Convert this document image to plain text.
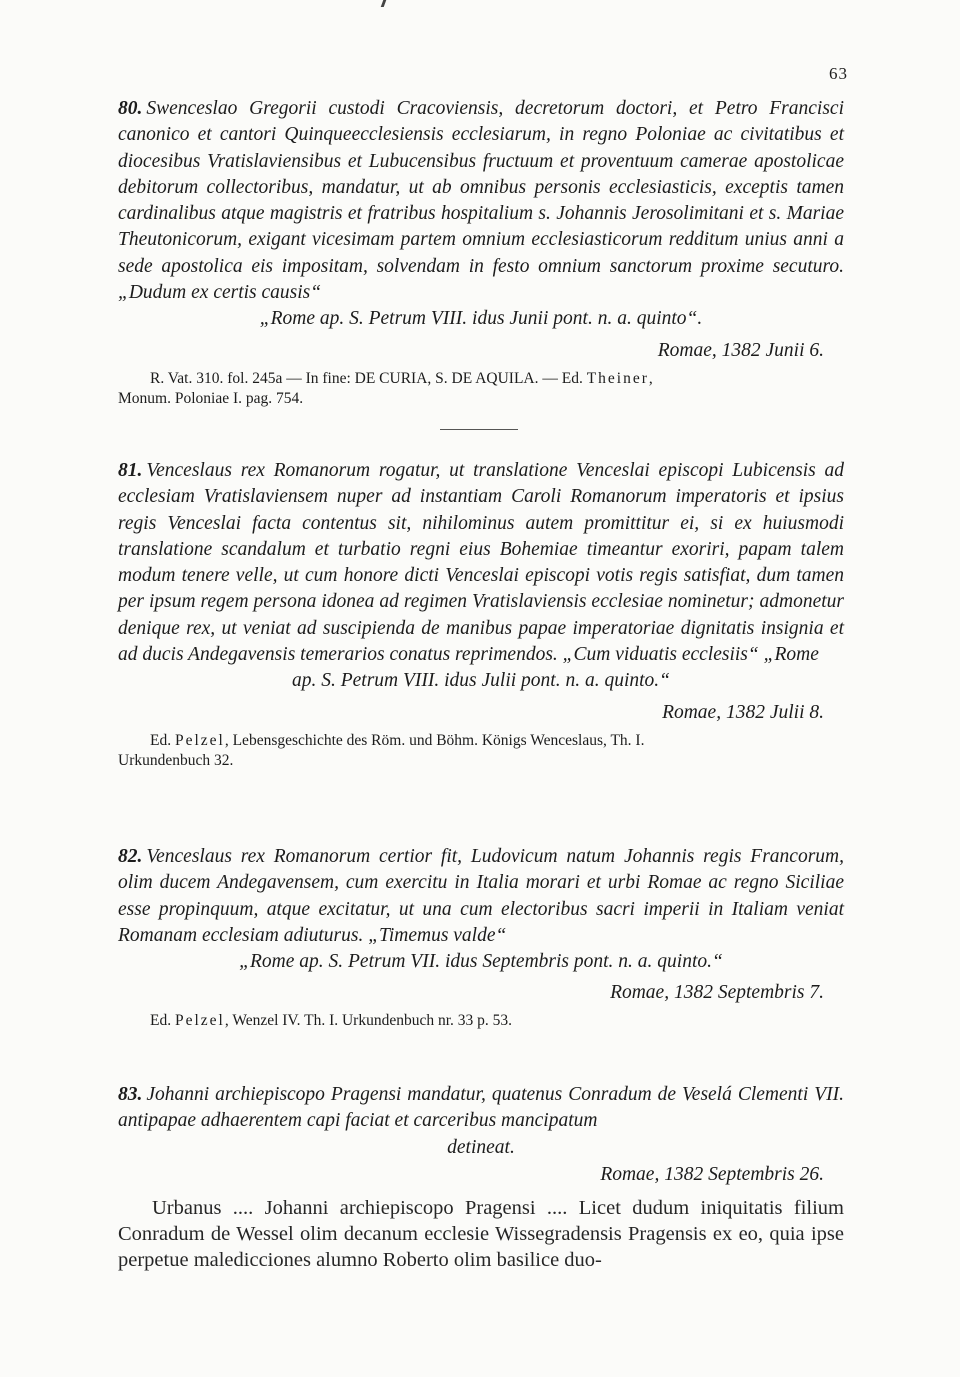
63

80. Swenceslao Gregorii custodi Cracoviensis, decretorum doctori, et Petro Francisci canonico et cantori Quinqueecclesiensis ecclesiarum, in regno Poloniae ac civitatibus et diocesibus Vratislaviensibus et Lubucensibus fructuum et proventuum camerae apostolicae debitorum collectoribus, mandatur, ut ab omnibus personis ecclesiasticis, exceptis tamen cardinalibus atque magistris et fratribus hospitalium s. Johannis Jerosolimitani et s. Mariae Theutonicorum, exigant vicesimam partem omnium ecclesiasticorum redditum unius anni a sede apostolica eis impositam, solvendam in festo omnium sanctorum proxime secuturo. „Dudum ex certis causis“

„Rome ap. S. Petrum VIII. idus Junii pont. n. a. quinto“.

Romae, 1382 Junii 6.

R. Vat. 310. fol. 245a — In fine: DE CURIA, S. DE AQUILA. — Ed. Theiner,
Monum. Poloniae I. pag. 754.

81. Venceslaus rex Romanorum rogatur, ut translatione Venceslai episcopi Lubicensis ad ecclesiam Vratislaviensem nuper ad instantiam Caroli Romanorum imperatoris et ipsius regis Venceslai facta contentus sit, nihilominus autem promittitur ei, si ex huiusmodi translatione scandalum et turbatio regni eius Bohemiae timeantur exoriri, papam talem modum tenere velle, ut cum honore dicti Venceslai episcopi votis regis satisfiat, dum tamen per ipsum regem persona idonea ad regimen Vratislaviensis ecclesiae nominetur; admonetur denique rex, ut veniat ad suscipienda de manibus papae imperatoriae dignitatis insignia et ad ducis Andegavensis temerarios conatus reprimendos. „Cum viduatis ecclesiis“ „Rome

ap. S. Petrum VIII. idus Julii pont. n. a. quinto.“

Romae, 1382 Julii 8.

Ed. Pelzel, Lebensgeschichte des Röm. und Böhm. Königs Wenceslaus, Th. I.
Urkundenbuch 32.

82. Venceslaus rex Romanorum certior fit, Ludovicum natum Johannis regis Francorum, olim ducem Andegavensem, cum exercitu in Italia morari et urbi Romae ac regno Siciliae esse propinquum, atque excitatur, ut una cum electoribus sacri imperii in Italiam veniat Romanam ecclesiam adiuturus. „Timemus valde“

„Rome ap. S. Petrum VII. idus Septembris pont. n. a. quinto.“

Romae, 1382 Septembris 7.

Ed. Pelzel, Wenzel IV. Th. I. Urkundenbuch nr. 33 p. 53.

83. Johanni archiepiscopo Pragensi mandatur, quatenus Conradum de Veselá Clementi VII. antipapae adhaerentem capi faciat et carceribus mancipatum

detineat.

Romae, 1382 Septembris 26.

Urbanus .... Johanni archiepiscopo Pragensi .... Licet dudum iniquitatis filium Conradum de Wessel olim decanum ecclesie Wissegradensis Pragensis ex eo, quia ipse perpetue maledicciones alumno Roberto olim basilice duo-
